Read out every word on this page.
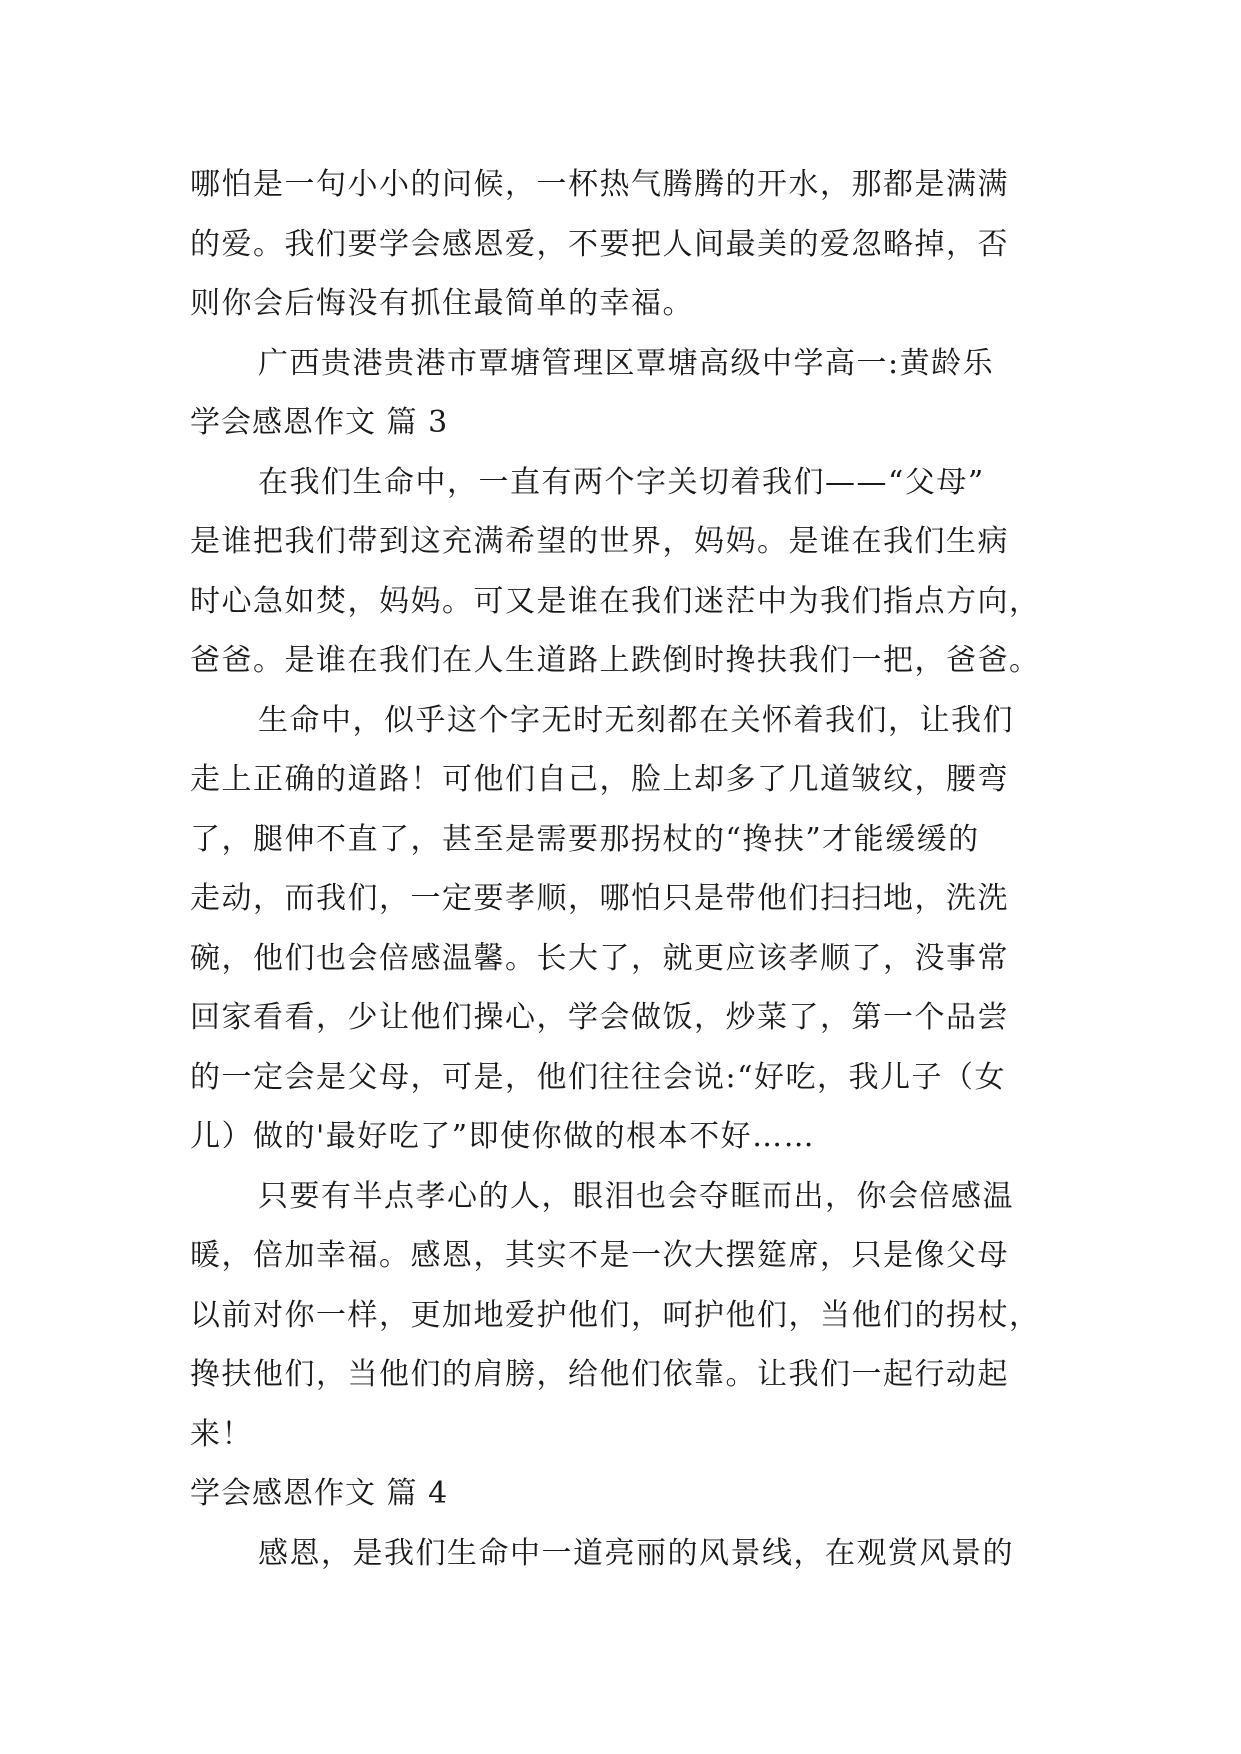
哪怕是一句小小的问候，一杯热气腾腾的开水，那都是满满
的爱。我们要学会感恩爱，不要把人间最美的爱忽略掉，否
则你会后悔没有抓住最简单的幸福。
广西贵港贵港市覃塘管理区覃塘高级中学高一:黄龄乐
学会感恩作文 篇 3
在我们生命中，一直有两个字关切着我们——“父母”
是谁把我们带到这充满希望的世界，妈妈。是谁在我们生病
时心急如焚，妈妈。可又是谁在我们迷茫中为我们指点方向，
爸爸。是谁在我们在人生道路上跌倒时搀扶我们一把，爸爸。
生命中，似乎这个字无时无刻都在关怀着我们，让我们
走上正确的道路！可他们自己，脸上却多了几道皱纹，腰弯
了，腿伸不直了，甚至是需要那拐杖的“搀扶”才能缓缓的
走动，而我们，一定要孝顺，哪怕只是带他们扫扫地，洗洗
碗，他们也会倍感温馨。长大了，就更应该孝顺了，没事常
回家看看，少让他们操心，学会做饭，炒菜了，第一个品尝
的一定会是父母，可是，他们往往会说:“好吃，我儿子（女
儿）做的'最好吃了”即使你做的根本不好……
只要有半点孝心的人，眼泪也会夺眶而出，你会倍感温
暖，倍加幸福。感恩，其实不是一次大摆筵席，只是像父母
以前对你一样，更加地爱护他们，呵护他们，当他们的拐杖，
搀扶他们，当他们的肩膀，给他们依靠。让我们一起行动起
来！
学会感恩作文 篇 4
感恩，是我们生命中一道亮丽的风景线，在观赏风景的
